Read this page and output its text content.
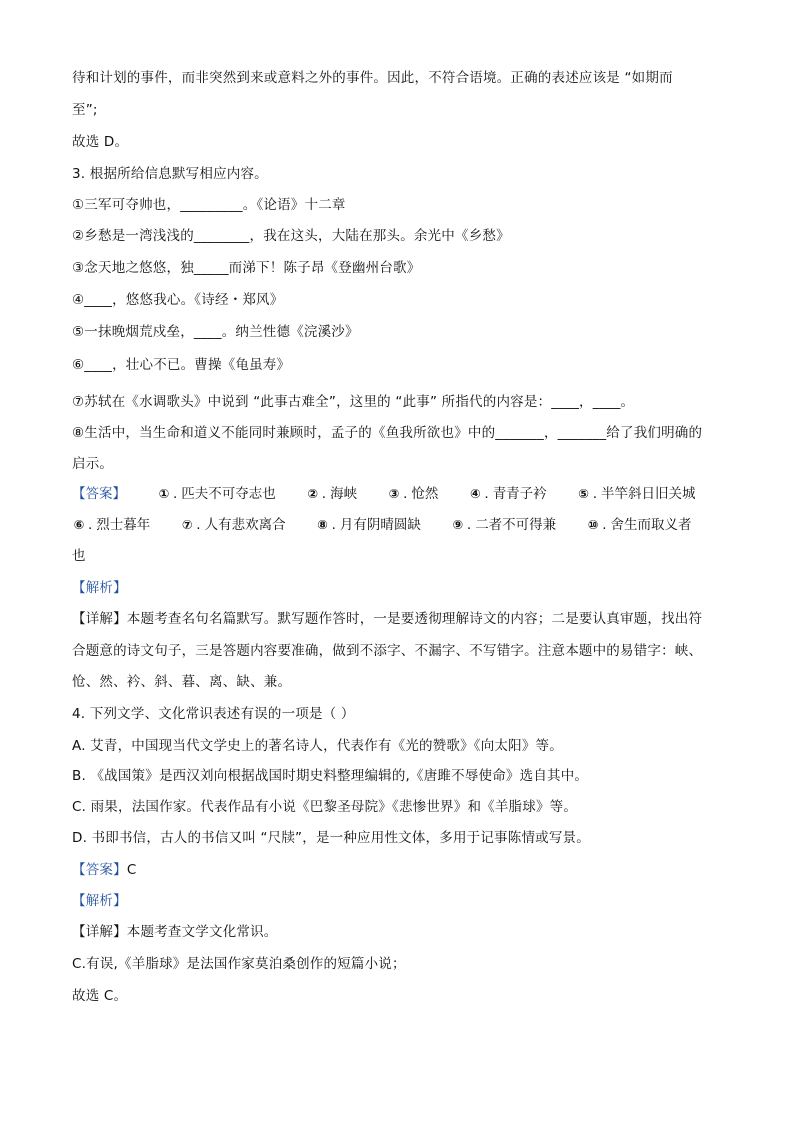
待和计划的事件，而非突然到来或意料之外的事件。因此，不符合语境。正确的表述应该是 “如期而
至”;
故选 D。
3. 根据所给信息默写相应内容。
①三军可夺帅也，_________。《论语》十二章
②乡愁是一湾浅浅的________，我在这头，大陆在那头。余光中《乡愁》
③念天地之悠悠，独_____而涕下！陈子昂《登幽州台歌》
④____，悠悠我心。《诗经・郑风》
⑤一抹晚烟荒戍垒，____。纳兰性德《浣溪沙》
⑥____，壮心不已。曹操《龟虽寿》
⑦苏轼在《水调歌头》中说到 “此事古难全”，这里的 “此事” 所指代的内容是：____，____。
⑧生活中，当生命和道义不能同时兼顾时，孟子的《鱼我所欲也》中的_______，_______给了我们明确的
启示。
【答案】	① . 匹夫不可夺志也	② . 海峡	③ . 怆然	④ . 青青子衿	⑤ . 半竿斜日旧关城
⑥ . 烈士暮年	⑦ . 人有悲欢离合	⑧ . 月有阴晴圆缺	⑨ . 二者不可得兼	⑩ . 舍生而取义者
也
【解析】
【详解】本题考查名句名篇默写。默写题作答时，一是要透彻理解诗文的内容；二是要认真审题，找出符
合题意的诗文句子，三是答题内容要准确，做到不添字、不漏字、不写错字。注意本题中的易错字：峡、
怆、然、衿、斜、暮、离、缺、兼。
4. 下列文学、文化常识表述有误的一项是（ ）
A. 艾青，中国现当代文学史上的著名诗人，代表作有《光的赞歌》《向太阳》等。
B. 《战国策》是西汉刘向根据战国时期史料整理编辑的,《唐雎不辱使命》选自其中。
C. 雨果，法国作家。代表作品有小说《巴黎圣母院》《悲惨世界》和《羊脂球》等。
D. 书即书信，古人的书信又叫 “尺牍”，是一种应用性文体，多用于记事陈情或写景。
【答案】C
【解析】
【详解】本题考查文学文化常识。
C.有误,《羊脂球》是法国作家莫泊桑创作的短篇小说；
故选 C。
